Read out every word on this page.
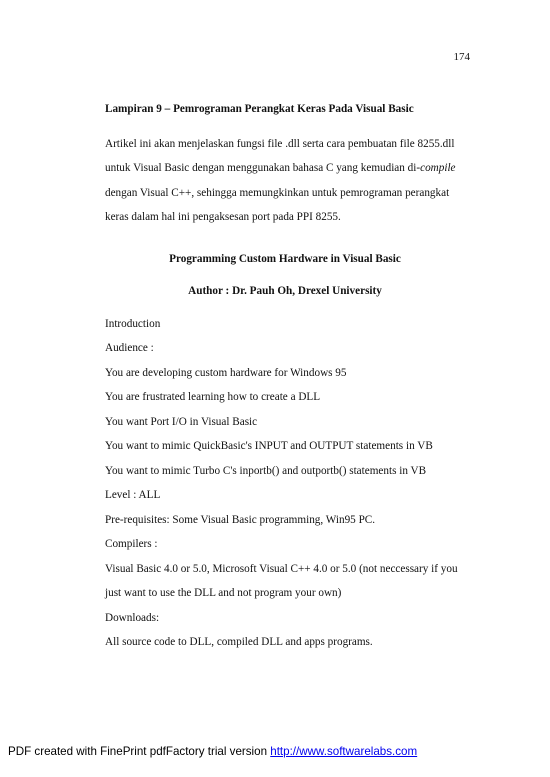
174

Lampiran 9 – Pemrograman Perangkat Keras Pada Visual Basic

Artikel ini akan menjelaskan fungsi file .dll serta cara pembuatan file 8255.dll untuk Visual Basic dengan menggunakan bahasa C yang kemudian di-compile dengan Visual C++, sehingga memungkinkan untuk pemrograman perangkat keras dalam hal ini pengaksesan port pada PPI 8255.

Programming Custom Hardware in Visual Basic

Author : Dr. Pauh Oh, Drexel University

Introduction

Audience :

You are developing custom hardware for Windows 95

You are frustrated learning how to create a DLL

You want Port I/O in Visual Basic

You want to mimic QuickBasic's INPUT and OUTPUT statements in VB

You want to mimic Turbo C's inportb() and outportb() statements in VB

Level : ALL

Pre-requisites: Some Visual Basic programming, Win95 PC.

Compilers :

Visual Basic 4.0 or 5.0, Microsoft Visual C++ 4.0 or 5.0 (not neccessary if you

just want to use the DLL and not program your own)

Downloads:

All source code to DLL, compiled DLL and apps programs.

PDF created with FinePrint pdfFactory trial version http://www.softwarelabs.com
